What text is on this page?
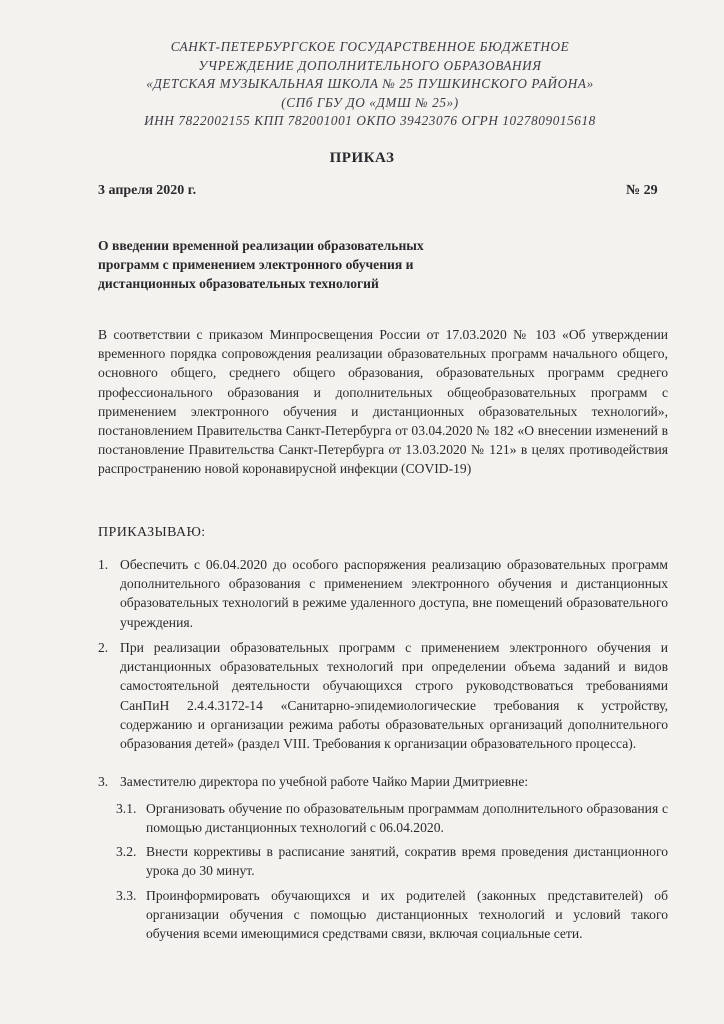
САНКТ-ПЕТЕРБУРГСКОЕ ГОСУДАРСТВЕННОЕ БЮДЖЕТНОЕ
УЧРЕЖДЕНИЕ ДОПОЛНИТЕЛЬНОГО ОБРАЗОВАНИЯ
«ДЕТСКАЯ МУЗЫКАЛЬНАЯ ШКОЛА № 25 ПУШКИНСКОГО РАЙОНА»
(СПб ГБУ ДО «ДМШ № 25»)
ИНН 7822002155 КПП 782001001 ОКПО 39423076 ОГРН 1027809015618
ПРИКАЗ
3 апреля 2020 г.	№ 29
О введении временной реализации образовательных программ с применением электронного обучения и дистанционных образовательных технологий
В соответствии с приказом Минпросвещения России от 17.03.2020 № 103 «Об утверждении временного порядка сопровождения реализации образовательных программ начального общего, основного общего, среднего общего образования, образовательных программ среднего профессионального образования и дополнительных общеобразовательных программ с применением электронного обучения и дистанционных образовательных технологий», постановлением Правительства Санкт-Петербурга от 03.04.2020 № 182 «О внесении изменений в постановление Правительства Санкт-Петербурга от 13.03.2020 № 121» в целях противодействия распространению новой коронавирусной инфекции (COVID-19)
ПРИКАЗЫВАЮ:
1. Обеспечить с 06.04.2020 до особого распоряжения реализацию образовательных программ дополнительного образования с применением электронного обучения и дистанционных образовательных технологий в режиме удаленного доступа, вне помещений образовательного учреждения.
2. При реализации образовательных программ с применением электронного обучения и дистанционных образовательных технологий при определении объема заданий и видов самостоятельной деятельности обучающихся строго руководствоваться требованиями СанПиН 2.4.4.3172-14 «Санитарно-эпидемиологические требования к устройству, содержанию и организации режима работы образовательных организаций дополнительного образования детей» (раздел VIII. Требования к организации образовательного процесса).
3. Заместителю директора по учебной работе Чайко Марии Дмитриевне:
3.1. Организовать обучение по образовательным программам дополнительного образования с помощью дистанционных технологий с 06.04.2020.
3.2. Внести коррективы в расписание занятий, сократив время проведения дистанционного урока до 30 минут.
3.3. Проинформировать обучающихся и их родителей (законных представителей) об организации обучения с помощью дистанционных технологий и условий такого обучения всеми имеющимися средствами связи, включая социальные сети.
